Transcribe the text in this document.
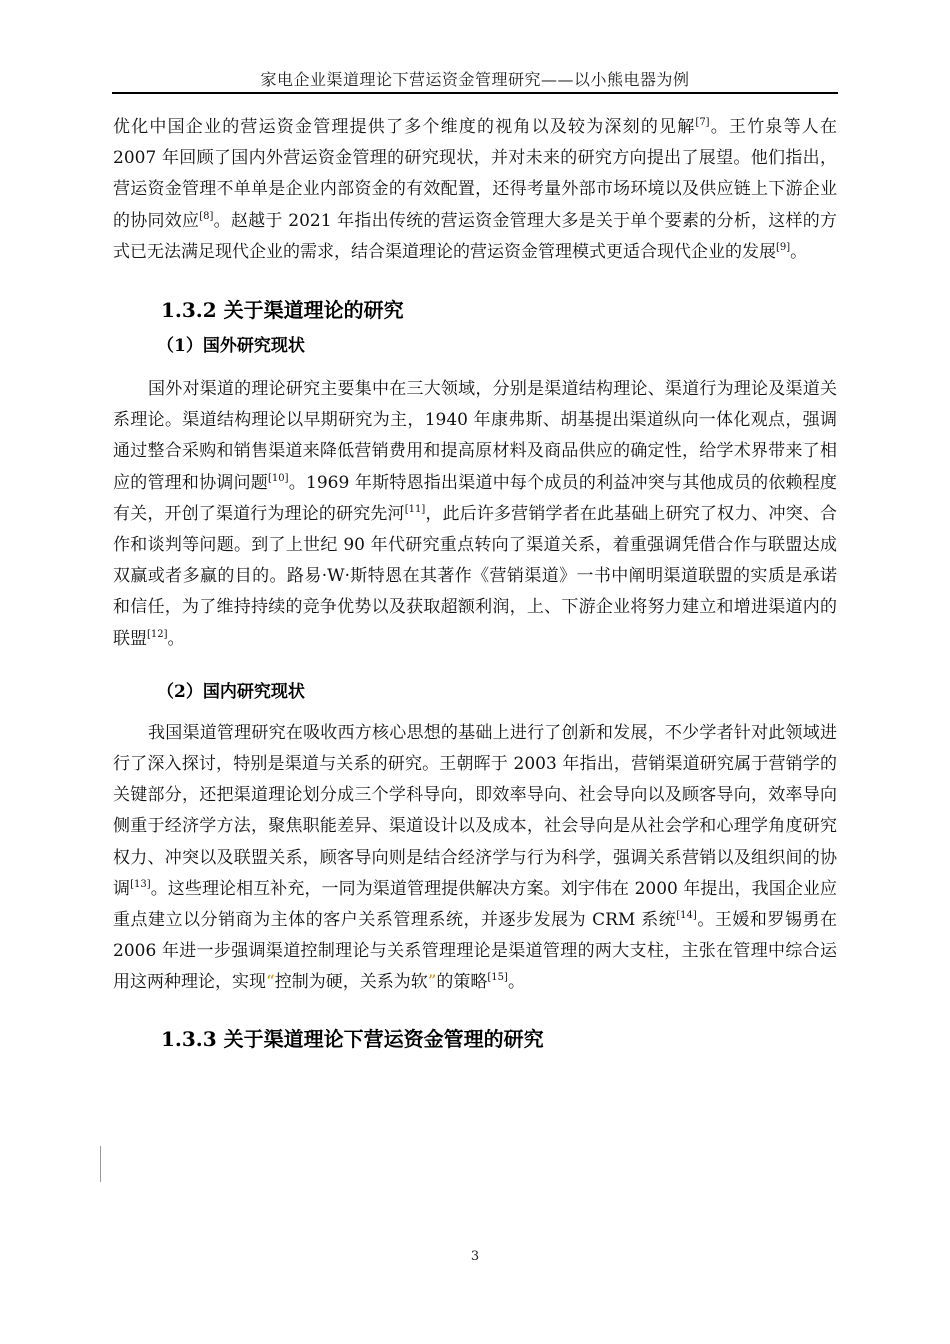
家电企业渠道理论下营运资金管理研究——以小熊电器为例

优化中国企业的营运资金管理提供了多个维度的视角以及较为深刻的见解[7]。王竹泉等人在 2007 年回顾了国内外营运资金管理的研究现状，并对未来的研究方向提出了展望。他们指出，营运资金管理不单单是企业内部资金的有效配置，还得考量外部市场环境以及供应链上下游企业的协同效应[8]。赵越于 2021 年指出传统的营运资金管理大多是关于单个要素的分析，这样的方式已无法满足现代企业的需求，结合渠道理论的营运资金管理模式更适合现代企业的发展[9]。

1.3.2 关于渠道理论的研究
（1）国外研究现状

国外对渠道的理论研究主要集中在三大领域，分别是渠道结构理论、渠道行为理论及渠道关系理论。渠道结构理论以早期研究为主，1940 年康弗斯、胡基提出渠道纵向一体化观点，强调通过整合采购和销售渠道来降低营销费用和提高原材料及商品供应的确定性，给学术界带来了相应的管理和协调问题[10]。1969 年斯特恩指出渠道中每个成员的利益冲突与其他成员的依赖程度有关，开创了渠道行为理论的研究先河[11]，此后许多营销学者在此基础上研究了权力、冲突、合作和谈判等问题。到了上世纪 90 年代研究重点转向了渠道关系，着重强调凭借合作与联盟达成双赢或者多赢的目的。路易·W·斯特恩在其著作《营销渠道》一书中阐明渠道联盟的实质是承诺和信任，为了维持持续的竞争优势以及获取超额利润，上、下游企业将努力建立和增进渠道内的联盟[12]。

（2）国内研究现状

我国渠道管理研究在吸收西方核心思想的基础上进行了创新和发展，不少学者针对此领域进行了深入探讨，特别是渠道与关系的研究。王朝晖于 2003 年指出，营销渠道研究属于营销学的关键部分，还把渠道理论划分成三个学科导向，即效率导向、社会导向以及顾客导向，效率导向侧重于经济学方法，聚焦职能差异、渠道设计以及成本，社会导向是从社会学和心理学角度研究权力、冲突以及联盟关系，顾客导向则是结合经济学与行为科学，强调关系营销以及组织间的协调[13]。这些理论相互补充，一同为渠道管理提供解决方案。刘宇伟在 2000 年提出，我国企业应重点建立以分销商为主体的客户关系管理系统，并逐步发展为 CRM 系统[14]。王媛和罗锡勇在 2006 年进一步强调渠道控制理论与关系管理理论是渠道管理的两大支柱，主张在管理中综合运用这两种理论，实现“控制为硬，关系为软”的策略[15]。

1.3.3 关于渠道理论下营运资金管理的研究
3
